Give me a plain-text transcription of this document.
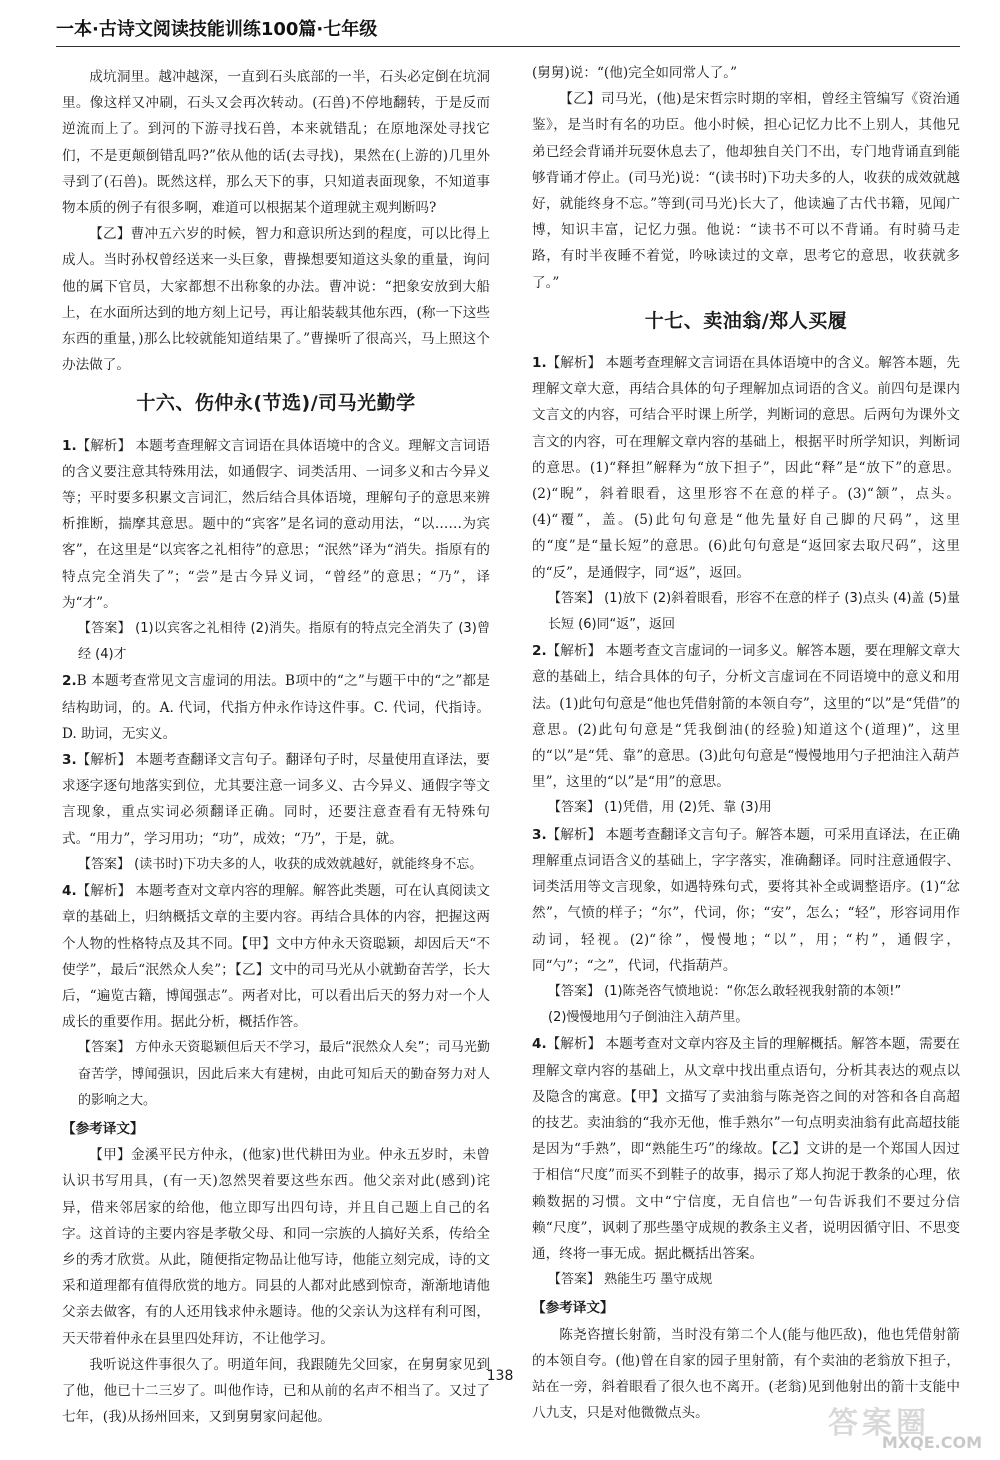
一本·古诗文阅读技能训练100篇·七年级

成坑洞里。越冲越深，一直到石头底部的一半，石头必定倒在坑洞里。像这样又冲刷，石头又会再次转动。(石兽)不停地翻转，于是反而逆流而上了。到河的下游寻找石兽，本来就错乱；在原地深处寻找它们，不是更颠倒错乱吗?”依从他的话(去寻找)，果然在(上游的)几里外寻到了(石兽)。既然这样，那么天下的事，只知道表面现象，不知道事物本质的例子有很多啊，难道可以根据某个道理就主观判断吗?

【乙】曹冲五六岁的时候，智力和意识所达到的程度，可以比得上成人。当时孙权曾经送来一头巨象，曹操想要知道这头象的重量，询问他的属下官员，大家都想不出称象的办法。曹冲说：“把象安放到大船上，在水面所达到的地方刻上记号，再让船装载其他东西，(称一下这些东西的重量，)那么比较就能知道结果了。”曹操听了很高兴，马上照这个办法做了。

十六、伤仲永(节选)/司马光勤学

1.【解析】 本题考查理解文言词语在具体语境中的含义。理解文言词语的含义要注意其特殊用法，如通假字、词类活用、一词多义和古今异义等；平时要多积累文言词汇，然后结合具体语境，理解句子的意思来辨析推断，揣摩其意思。题中的“宾客”是名词的意动用法，“以……为宾客”，在这里是“以宾客之礼相待”的意思；“泯然”译为“消失。指原有的特点完全消失了”；“尝”是古今异义词，“曾经”的意思；“乃”，译为“才”。

【答案】 (1)以宾客之礼相待 (2)消失。指原有的特点完全消失了 (3)曾经 (4)才

2.B 本题考查常见文言虚词的用法。B项中的“之”与题干中的“之”都是结构助词，的。A. 代词，代指方仲永作诗这件事。C. 代词，代指诗。D. 助词，无实义。

3.【解析】 本题考查翻译文言句子。翻译句子时，尽量使用直译法，要求逐字逐句地落实到位，尤其要注意一词多义、古今异义、通假字等文言现象，重点实词必须翻译正确。同时，还要注意查看有无特殊句式。“用力”，学习用功；“功”，成效；“乃”，于是，就。

【答案】 (读书时)下功夫多的人，收获的成效就越好，就能终身不忘。

4.【解析】 本题考查对文章内容的理解。解答此类题，可在认真阅读文章的基础上，归纳概括文章的主要内容。再结合具体的内容，把握这两个人物的性格特点及其不同。【甲】文中方仲永天资聪颖，却因后天“不使学”，最后“泯然众人矣”；【乙】文中的司马光从小就勤奋苦学，长大后，“遍览古籍，博闻强志”。两者对比，可以看出后天的努力对一个人成长的重要作用。据此分析，概括作答。

【答案】 方仲永天资聪颖但后天不学习，最后“泯然众人矣”；司马光勤奋苦学，博闻强识，因此后来大有建树，由此可知后天的勤奋努力对人的影响之大。

【参考译文】

【甲】金溪平民方仲永，(他家)世代耕田为业。仲永五岁时，未曾认识书写用具，(有一天)忽然哭着要这些东西。他父亲对此(感到)诧异，借来邻居家的给他，他立即写出四句诗，并且自己题上自己的名字。这首诗的主要内容是孝敬父母、和同一宗族的人搞好关系，传给全乡的秀才欣赏。从此，随便指定物品让他写诗，他能立刻完成，诗的文采和道理都有值得欣赏的地方。同县的人都对此感到惊奇，渐渐地请他父亲去做客，有的人还用钱求仲永题诗。他的父亲认为这样有利可图，天天带着仲永在县里四处拜访，不让他学习。

我听说这件事很久了。明道年间，我跟随先父回家，在舅舅家见到了他，他已十二三岁了。叫他作诗，已和从前的名声不相当了。又过了七年，(我)从扬州回来，又到舅舅家问起他。

(舅舅)说：“(他)完全如同常人了。”

【乙】司马光，(他)是宋哲宗时期的宰相，曾经主管编写《资治通鉴》，是当时有名的功臣。他小时候，担心记忆力比不上别人，其他兄弟已经会背诵并玩耍休息去了，他却独自关门不出，专门地背诵直到能够背诵才停止。(司马光)说：“(读书时)下功夫多的人，收获的成效就越好，就能终身不忘。”等到(司马光)长大了，他读遍了古代书籍，见闻广博，知识丰富，记忆力强。他说：“读书不可以不背诵。有时骑马走路，有时半夜睡不着觉，吟咏读过的文章，思考它的意思，收获就多了。”

十七、卖油翁/郑人买履

1.【解析】 本题考查理解文言词语在具体语境中的含义。解答本题，先理解文章大意，再结合具体的句子理解加点词语的含义。前四句是课内文言文的内容，可结合平时课上所学，判断词的意思。后两句为课外文言文的内容，可在理解文章内容的基础上，根据平时所学知识，判断词的意思。(1)“释担”解释为“放下担子”，因此“释”是“放下”的意思。(2)“睨”，斜着眼看，这里形容不在意的样子。(3)“颔”，点头。(4)“覆”，盖。(5)此句句意是“他先量好自己脚的尺码”，这里的“度”是“量长短”的意思。(6)此句句意是“返回家去取尺码”，这里的“反”，是通假字，同“返”，返回。

【答案】 (1)放下 (2)斜着眼看，形容不在意的样子 (3)点头 (4)盖 (5)量长短 (6)同“返”，返回

2.【解析】 本题考查文言虚词的一词多义。解答本题，要在理解文章大意的基础上，结合具体的句子，分析文言虚词在不同语境中的意义和用法。(1)此句句意是“他也凭借射箭的本领自夸”，这里的“以”是“凭借”的意思。(2)此句句意是“凭我倒油(的经验)知道这个(道理)”，这里的“以”是“凭、靠”的意思。(3)此句句意是“慢慢地用勺子把油注入葫芦里”，这里的“以”是“用”的意思。

【答案】 (1)凭借，用 (2)凭、靠 (3)用

3.【解析】 本题考查翻译文言句子。解答本题，可采用直译法，在正确理解重点词语含义的基础上，字字落实，准确翻译。同时注意通假字、词类活用等文言现象，如遇特殊句式，要将其补全或调整语序。(1)“忿然”，气愤的样子；“尔”，代词，你；“安”，怎么；“轻”，形容词用作动词，轻视。(2)“徐”，慢慢地；“以”，用；“杓”，通假字，同“勺”；“之”，代词，代指葫芦。

【答案】 (1)陈尧咨气愤地说：“你怎么敢轻视我射箭的本领!”

(2)慢慢地用勺子倒油注入葫芦里。

4.【解析】 本题考查对文章内容及主旨的理解概括。解答本题，需要在理解文章内容的基础上，从文章中找出重点语句，分析其表达的观点以及隐含的寓意。【甲】文描写了卖油翁与陈尧咨之间的对答和各自高超的技艺。卖油翁的“我亦无他，惟手熟尔”一句点明卖油翁有此高超技能是因为“手熟”，即“熟能生巧”的缘故。【乙】文讲的是一个郑国人因过于相信“尺度”而买不到鞋子的故事，揭示了郑人拘泥于教条的心理，依赖数据的习惯。文中“宁信度，无自信也”一句告诉我们不要过分信赖“尺度”，讽刺了那些墨守成规的教条主义者，说明因循守旧、不思变通，终将一事无成。据此概括出答案。

【答案】 熟能生巧 墨守成规

【参考译文】

陈尧咨擅长射箭，当时没有第二个人(能与他匹敌)，他也凭借射箭的本领自夸。(他)曾在自家的园子里射箭，有个卖油的老翁放下担子，站在一旁，斜着眼看了很久也不离开。(老翁)见到他射出的箭十支能中八九支，只是对他微微点头。

138
答案圈
MXQE.COM
